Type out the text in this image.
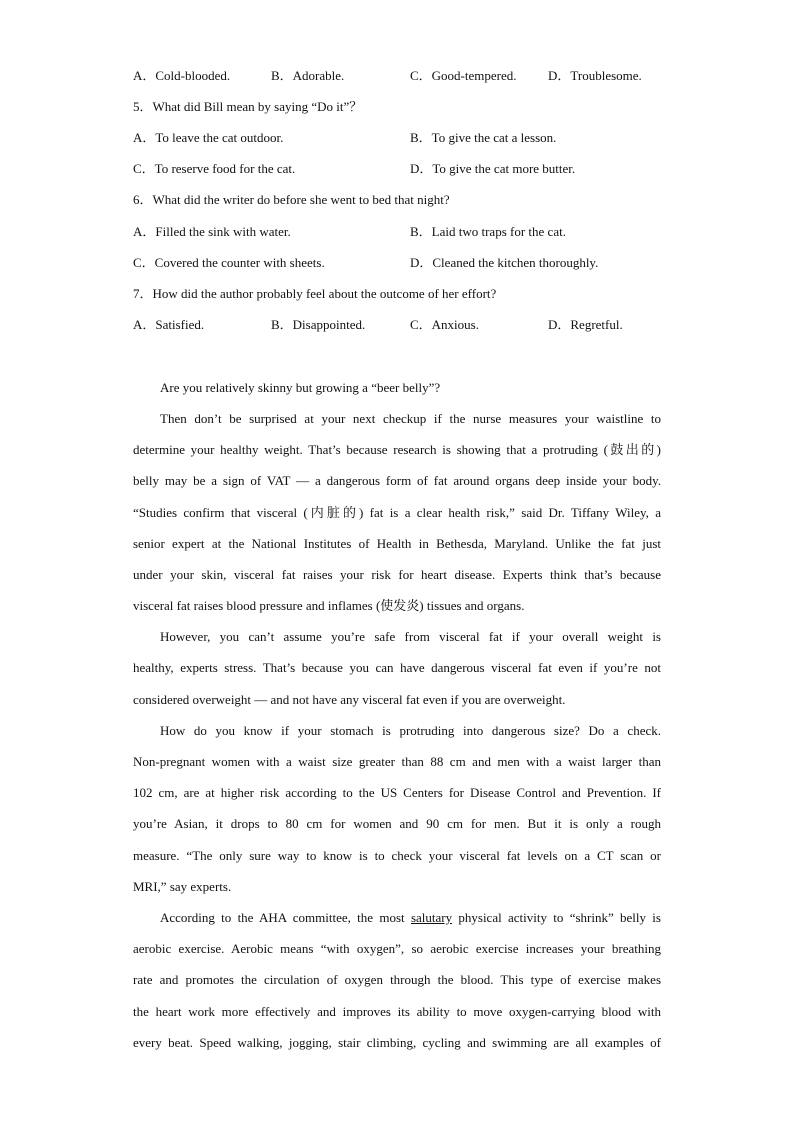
A．Cold-blooded.	B．Adorable.	C．Good-tempered. D．Troublesome.
5．What did Bill mean by saying “Do it”？
A．To leave the cat outdoor.	B．To give the cat a lesson.
C．To reserve food for the cat.	D．To give the cat more butter.
6．What did the writer do before she went to bed that night?
A．Filled the sink with water.	B．Laid two traps for the cat.
C．Covered the counter with sheets.	D．Cleaned the kitchen thoroughly.
7．How did the author probably feel about the outcome of her effort?
A．Satisfied.	B．Disappointed.	C．Anxious.	D．Regretful.
Are you relatively skinny but growing a “beer belly”?
Then don’t be surprised at your next checkup if the nurse measures your waistline to
determine your healthy weight. That’s because research is showing that a protruding (鼓出的)
belly may be a sign of VAT — a dangerous form of fat around organs deep inside your body.
“Studies confirm that visceral (内脏的) fat is a clear health risk,” said Dr. Tiffany Wiley, a
senior expert at the National Institutes of Health in Bethesda, Maryland. Unlike the fat just
under your skin, visceral fat raises your risk for heart disease. Experts think that’s because
visceral fat raises blood pressure and inflames (使发炎) tissues and organs.
However, you can’t assume you’re safe from visceral fat if your overall weight is
healthy, experts stress. That’s because you can have dangerous visceral fat even if you’re not
considered overweight — and not have any visceral fat even if you are overweight.
How do you know if your stomach is protruding into dangerous size? Do a check.
Non-pregnant women with a waist size greater than 88 cm and men with a waist larger than
102 cm, are at higher risk according to the US Centers for Disease Control and Prevention. If
you’re Asian, it drops to 80 cm for women and 90 cm for men. But it is only a rough
measure. “The only sure way to know is to check your visceral fat levels on a CT scan or
MRI,” say experts.
According to the AHA committee, the most salutary physical activity to “shrink” belly is
aerobic exercise. Aerobic means “with oxygen”, so aerobic exercise increases your breathing
rate and promotes the circulation of oxygen through the blood. This type of exercise makes
the heart work more effectively and improves its ability to move oxygen-carrying blood with
every beat. Speed walking, jogging, stair climbing, cycling and swimming are all examples of
